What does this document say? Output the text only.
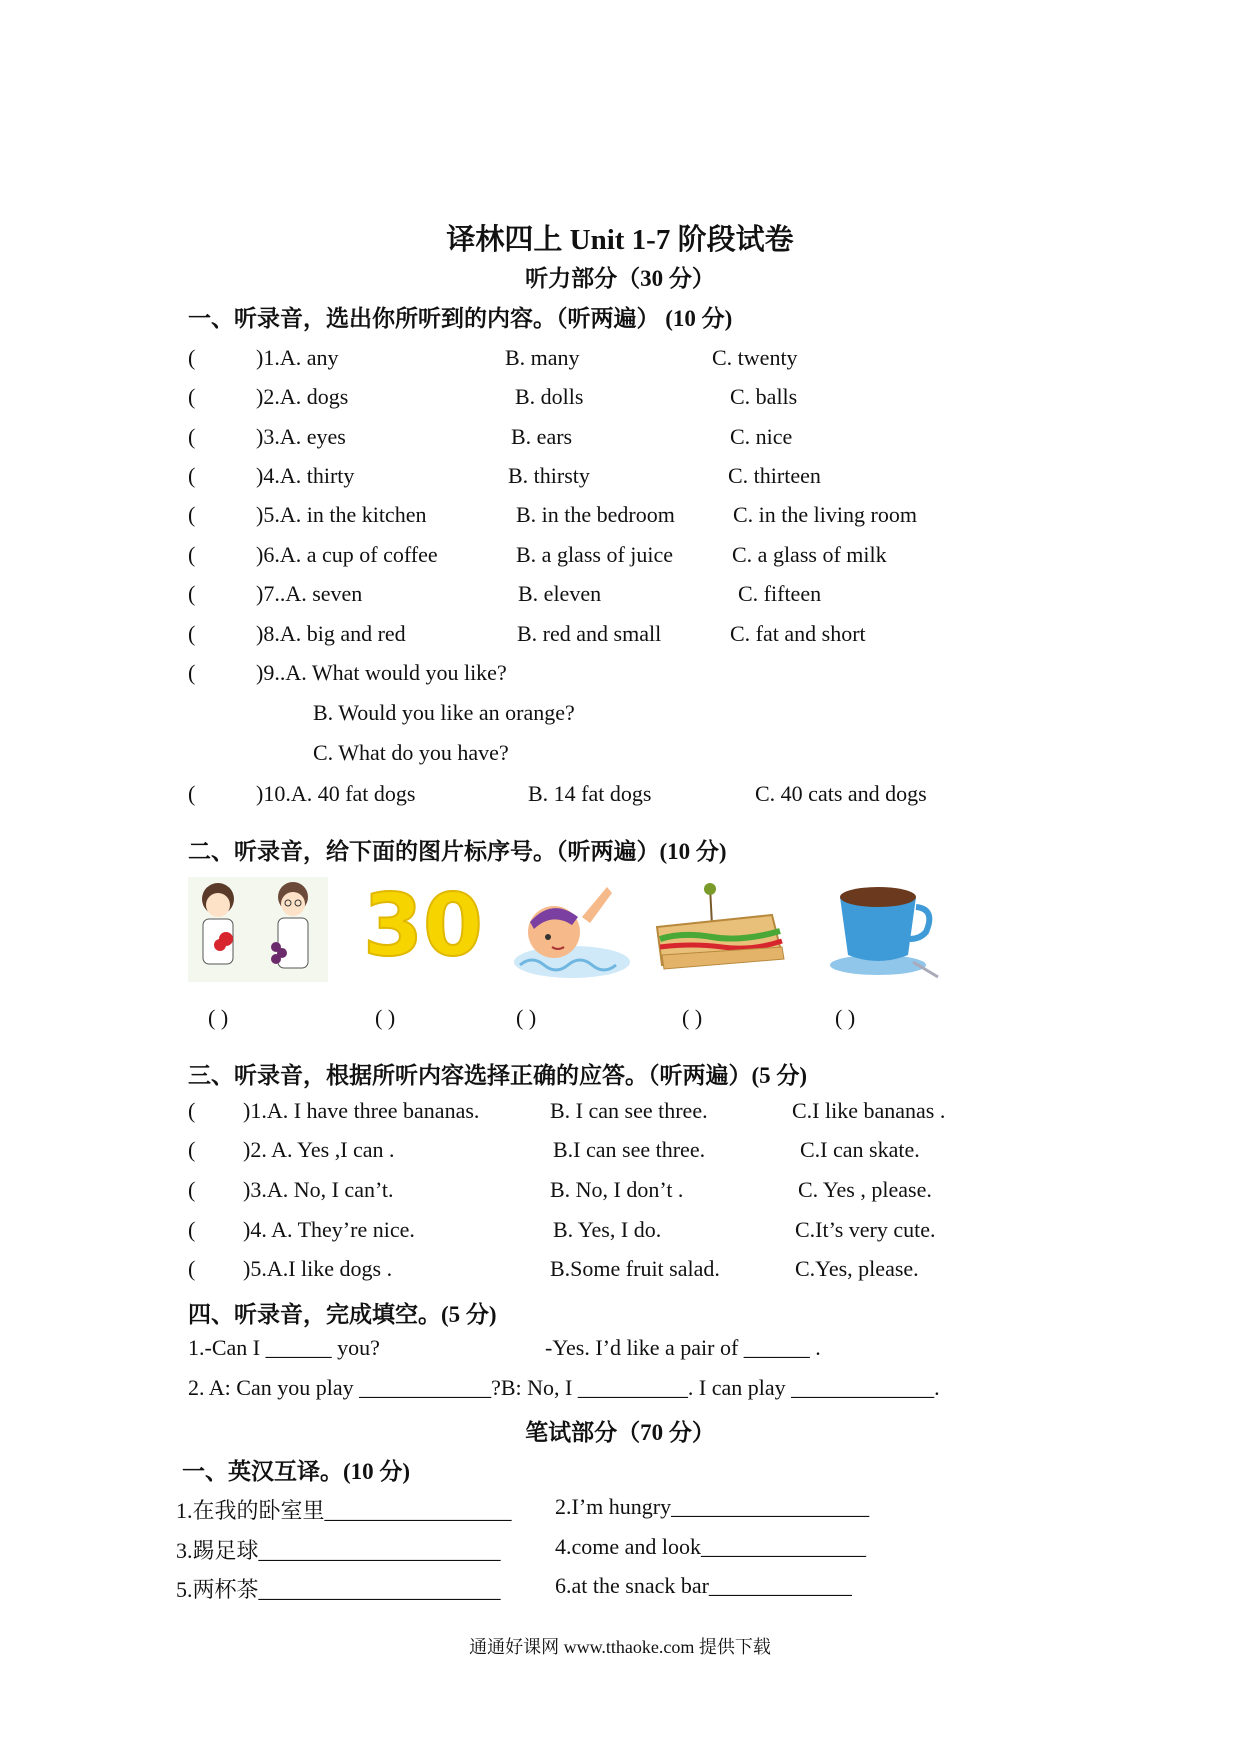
译林四上 Unit 1-7 阶段试卷
听力部分（30 分）
一、听录音，选出你所听到的内容。（听两遍） (10 分)
二、听录音，给下面的图片标序号。（听两遍）(10 分)
30
三、听录音，根据所听内容选择正确的应答。（听两遍）(5 分)
四、听录音，完成填空。(5 分)
1.-Can I ______ you?	-Yes. I’d like a pair of ______ .
2. A: Can you play ____________?B: No, I __________. I can play _____________.
笔试部分（70 分）
一、英汉互译。(10 分)
通通好课网 www.tthaoke.com 提供下载
(	)1.A. any	B. many	C. twenty
(	)2.A. dogs	B. dolls	C. balls
(	)3.A. eyes	B. ears	C. nice
(	)4.A. thirty	B. thirsty	C. thirteen
(	)5.A. in the kitchen	B. in the bedroom	C. in the living room
(	)6.A. a cup of coffee	B. a glass of juice	C. a glass of milk
(	)7..A. seven	B. eleven	C. fifteen
(	)8.A. big and red	B. red and small	C. fat and short
(	)9..A. What would you like?
B. Would you like an orange?
C. What do you have?
(	)10.A. 40 fat dogs	B. 14 fat dogs	C. 40 cats and dogs
( )	( )	( )	( )	( )
( )1.A. I have three bananas.	B. I can see three.	C.I like bananas .
( )2. A. Yes ,I can .	B.I can see three.	C.I can skate.
( )3.A. No, I can’t.	B. No, I don’t .	C. Yes , please.
( )4. A. They’re nice.	B. Yes, I do.	C.It’s very cute.
( )5.A.I like dogs .	B.Some fruit salad.	C.Yes, please.
1.在我的卧室里_________________ 2.I’m hungry__________________
3.踢足球______________________ 4.come and look_______________
5.两杯茶______________________ 6.at the snack bar_____________
